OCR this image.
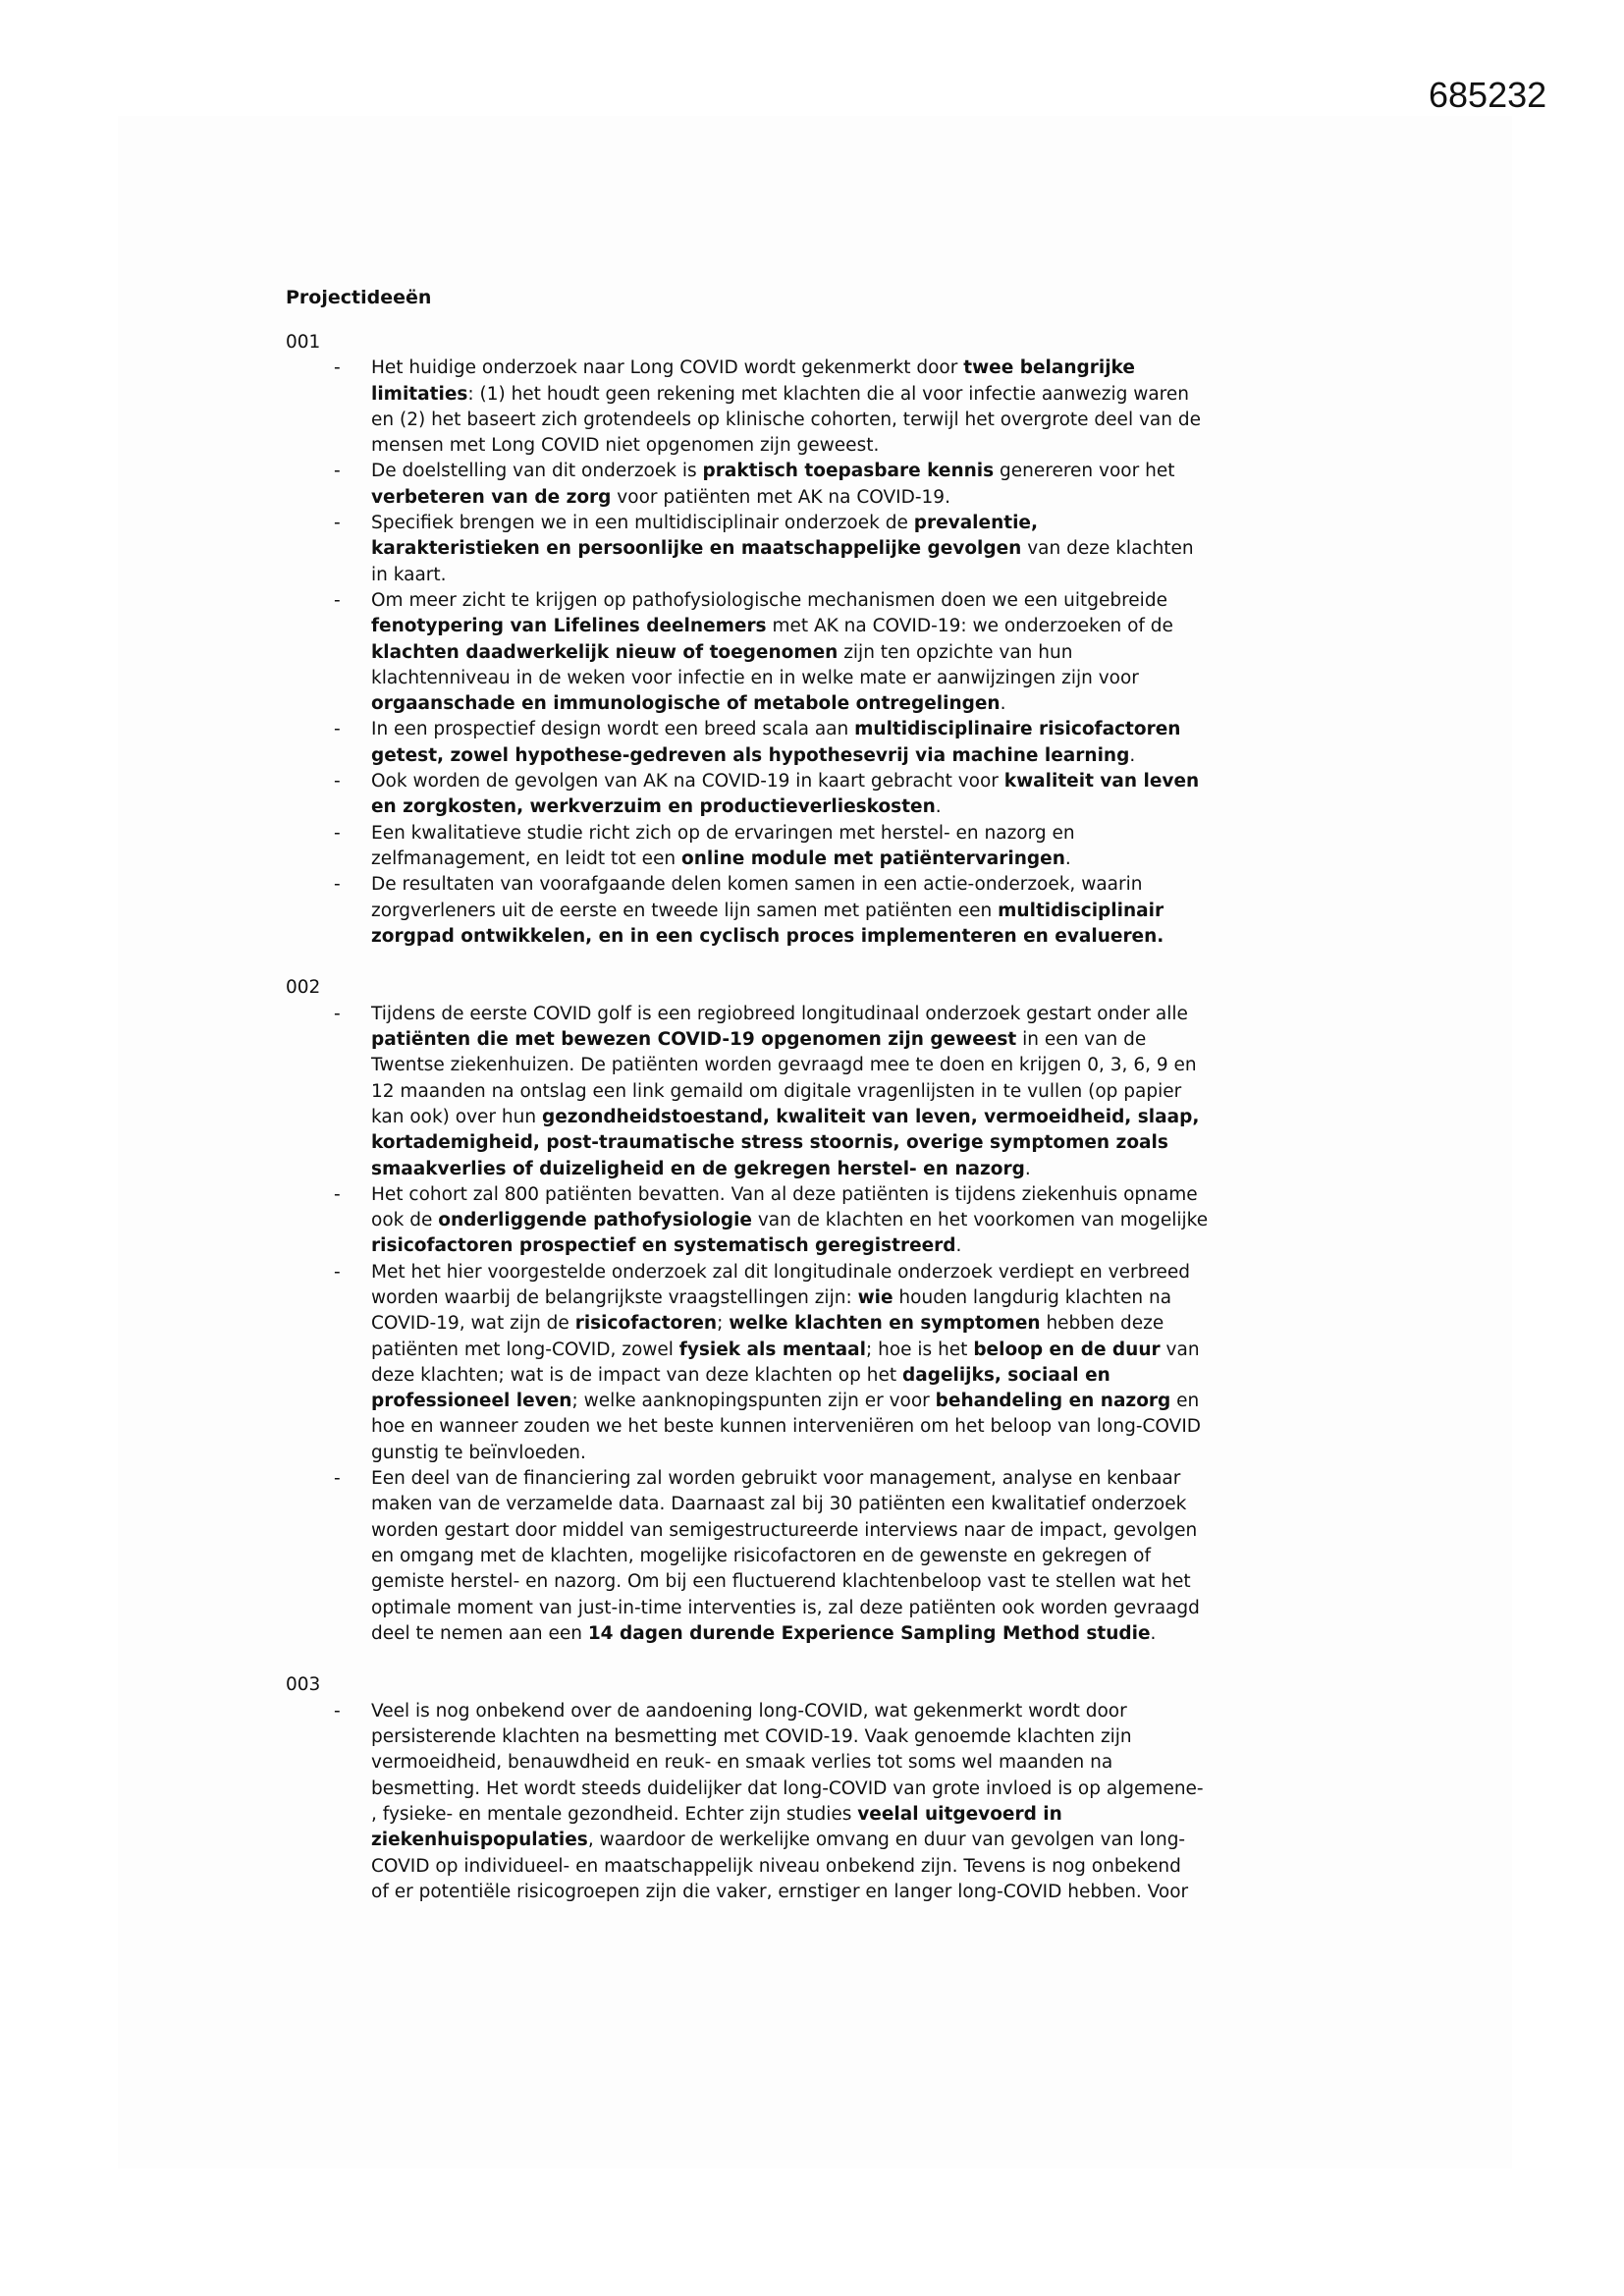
685232
Projectideeën
001
- Het huidige onderzoek naar Long COVID wordt gekenmerkt door twee belangrijke
limitaties: (1) het houdt geen rekening met klachten die al voor infectie aanwezig waren
en (2) het baseert zich grotendeels op klinische cohorten, terwijl het overgrote deel van de
mensen met Long COVID niet opgenomen zijn geweest.
- De doelstelling van dit onderzoek is praktisch toepasbare kennis genereren voor het
verbeteren van de zorg voor patiënten met AK na COVID-19.
- Specifiek brengen we in een multidisciplinair onderzoek de prevalentie,
karakteristieken en persoonlijke en maatschappelijke gevolgen van deze klachten
in kaart.
- Om meer zicht te krijgen op pathofysiologische mechanismen doen we een uitgebreide
fenotypering van Lifelines deelnemers met AK na COVID-19: we onderzoeken of de
klachten daadwerkelijk nieuw of toegenomen zijn ten opzichte van hun
klachtenniveau in de weken voor infectie en in welke mate er aanwijzingen zijn voor
orgaanschade en immunologische of metabole ontregelingen.
- In een prospectief design wordt een breed scala aan multidisciplinaire risicofactoren
getest, zowel hypothese-gedreven als hypothesevrij via machine learning.
- Ook worden de gevolgen van AK na COVID-19 in kaart gebracht voor kwaliteit van leven
en zorgkosten, werkverzuim en productieverlieskosten.
- Een kwalitatieve studie richt zich op de ervaringen met herstel- en nazorg en
zelfmanagement, en leidt tot een online module met patiëntervaringen.
- De resultaten van voorafgaande delen komen samen in een actie-onderzoek, waarin
zorgverleners uit de eerste en tweede lijn samen met patiënten een multidisciplinair
zorgpad ontwikkelen, en in een cyclisch proces implementeren en evalueren.
002
- Tijdens de eerste COVID golf is een regiobreed longitudinaal onderzoek gestart onder alle
patiënten die met bewezen COVID-19 opgenomen zijn geweest in een van de
Twentse ziekenhuizen. De patiënten worden gevraagd mee te doen en krijgen 0, 3, 6, 9 en
12 maanden na ontslag een link gemaild om digitale vragenlijsten in te vullen (op papier
kan ook) over hun gezondheidstoestand, kwaliteit van leven, vermoeidheid, slaap,
kortademigheid, post-traumatische stress stoornis, overige symptomen zoals
smaakverlies of duizeligheid en de gekregen herstel- en nazorg.
- Het cohort zal 800 patiënten bevatten. Van al deze patiënten is tijdens ziekenhuis opname
ook de onderliggende pathofysiologie van de klachten en het voorkomen van mogelijke
risicofactoren prospectief en systematisch geregistreerd.
- Met het hier voorgestelde onderzoek zal dit longitudinale onderzoek verdiept en verbreed
worden waarbij de belangrijkste vraagstellingen zijn: wie houden langdurig klachten na
COVID-19, wat zijn de risicofactoren; welke klachten en symptomen hebben deze
patiënten met long-COVID, zowel fysiek als mentaal; hoe is het beloop en de duur van
deze klachten; wat is de impact van deze klachten op het dagelijks, sociaal en
professioneel leven; welke aanknopingspunten zijn er voor behandeling en nazorg en
hoe en wanneer zouden we het beste kunnen interveniëren om het beloop van long-COVID
gunstig te beïnvloeden.
- Een deel van de financiering zal worden gebruikt voor management, analyse en kenbaar
maken van de verzamelde data. Daarnaast zal bij 30 patiënten een kwalitatief onderzoek
worden gestart door middel van semigestructureerde interviews naar de impact, gevolgen
en omgang met de klachten, mogelijke risicofactoren en de gewenste en gekregen of
gemiste herstel- en nazorg. Om bij een fluctuerend klachtenbeloop vast te stellen wat het
optimale moment van just-in-time interventies is, zal deze patiënten ook worden gevraagd
deel te nemen aan een 14 dagen durende Experience Sampling Method studie.
003
- Veel is nog onbekend over de aandoening long-COVID, wat gekenmerkt wordt door
persisterende klachten na besmetting met COVID-19. Vaak genoemde klachten zijn
vermoeidheid, benauwdheid en reuk- en smaak verlies tot soms wel maanden na
besmetting. Het wordt steeds duidelijker dat long-COVID van grote invloed is op algemene-
, fysieke- en mentale gezondheid. Echter zijn studies veelal uitgevoerd in
ziekenhuispopulaties, waardoor de werkelijke omvang en duur van gevolgen van long-
COVID op individueel- en maatschappelijk niveau onbekend zijn. Tevens is nog onbekend
of er potentiële risicogroepen zijn die vaker, ernstiger en langer long-COVID hebben. Voor
